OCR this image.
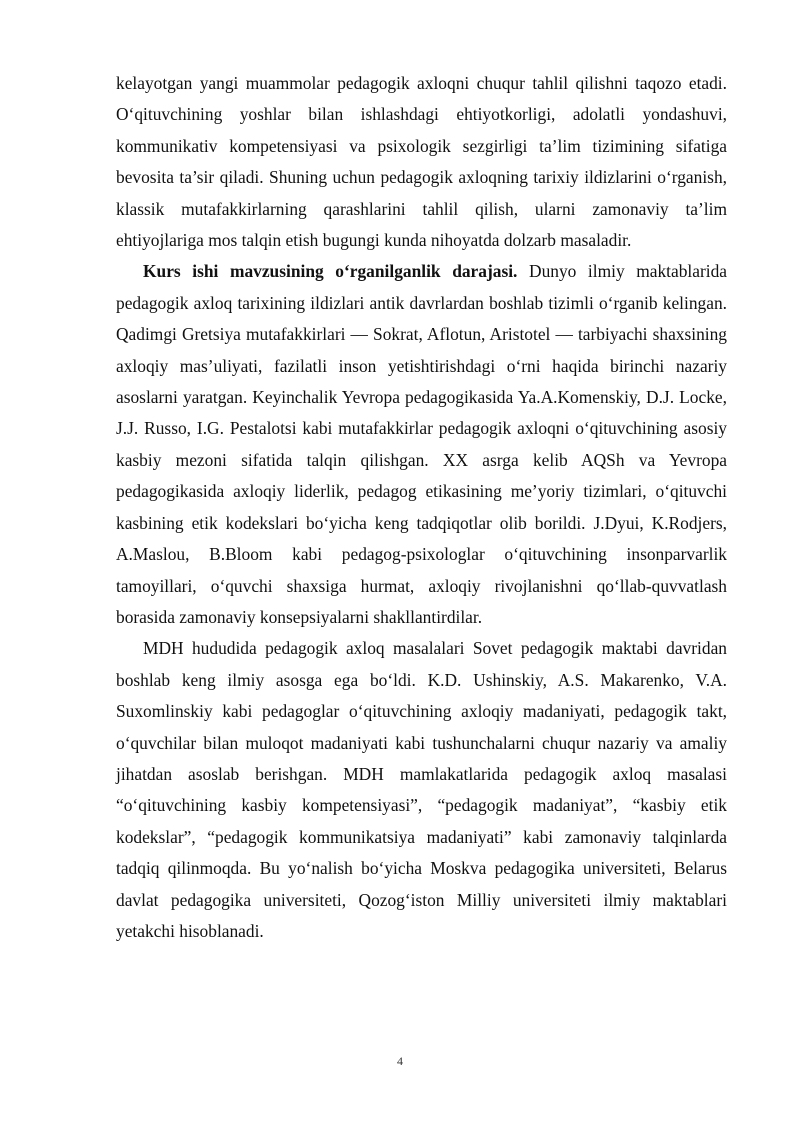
kelayotgan yangi muammolar pedagogik axloqni chuqur tahlil qilishni taqozo etadi. O‘qituvchining yoshlar bilan ishlashdagi ehtiyotkorligi, adolatli yondashuvi, kommunikativ kompetensiyasi va psixologik sezgirligi ta’lim tizimining sifatiga bevosita ta’sir qiladi. Shuning uchun pedagogik axloqning tarixiy ildizlarini o‘rganish, klassik mutafakkirlarning qarashlarini tahlil qilish, ularni zamonaviy ta’lim ehtiyojlariga mos talqin etish bugungi kunda nihoyatda dolzarb masaladir.

Kurs ishi mavzusining o‘rganilganlik darajasi. Dunyo ilmiy maktablarida pedagogik axloq tarixining ildizlari antik davrlardan boshlab tizimli o‘rganib kelingan. Qadimgi Gretsiya mutafakkirlari — Sokrat, Aflotun, Aristotel — tarbiyachi shaxsining axloqiy mas’uliyati, fazilatli inson yetishtirishdagi o‘rni haqida birinchi nazariy asoslarni yaratgan. Keyinchalik Yevropa pedagogikasida Ya.A.Komenskiy, D.J. Locke, J.J. Russo, I.G. Pestalotsi kabi mutafakkirlar pedagogik axloqni o‘qituvchining asosiy kasbiy mezoni sifatida talqin qilishgan. XX asrga kelib AQSh va Yevropa pedagogikasida axloqiy liderlik, pedagog etikasining me’yoriy tizimlari, o‘qituvchi kasbining etik kodekslari bo‘yicha keng tadqiqotlar olib borildi. J.Dyui, K.Rodjers, A.Maslou, B.Bloom kabi pedagog-psixologlar o‘qituvchining insonparvarlik tamoyillari, o‘quvchi shaxsiga hurmat, axloqiy rivojlanishni qo‘llab-quvvatlash borasida zamonaviy konsepsiyalarni shakllantirdilar.

MDH hududida pedagogik axloq masalalari Sovet pedagogik maktabi davridan boshlab keng ilmiy asosga ega bo‘ldi. K.D. Ushinskiy, A.S. Makarenko, V.A. Suxomlinskiy kabi pedagoglar o‘qituvchining axloqiy madaniyati, pedagogik takt, o‘quvchilar bilan muloqot madaniyati kabi tushunchalarni chuqur nazariy va amaliy jihatdan asoslab berishgan. MDH mamlakatlarida pedagogik axloq masalasi “o‘qituvchining kasbiy kompetensiyasi”, “pedagogik madaniyat”, “kasbiy etik kodekslar”, “pedagogik kommunikatsiya madaniyati” kabi zamonaviy talqinlarda tadqiq qilinmoqda. Bu yo‘nalish bo‘yicha Moskva pedagogika universiteti, Belarus davlat pedagogika universiteti, Qozog‘iston Milliy universiteti ilmiy maktablari yetakchi hisoblanadi.

4
